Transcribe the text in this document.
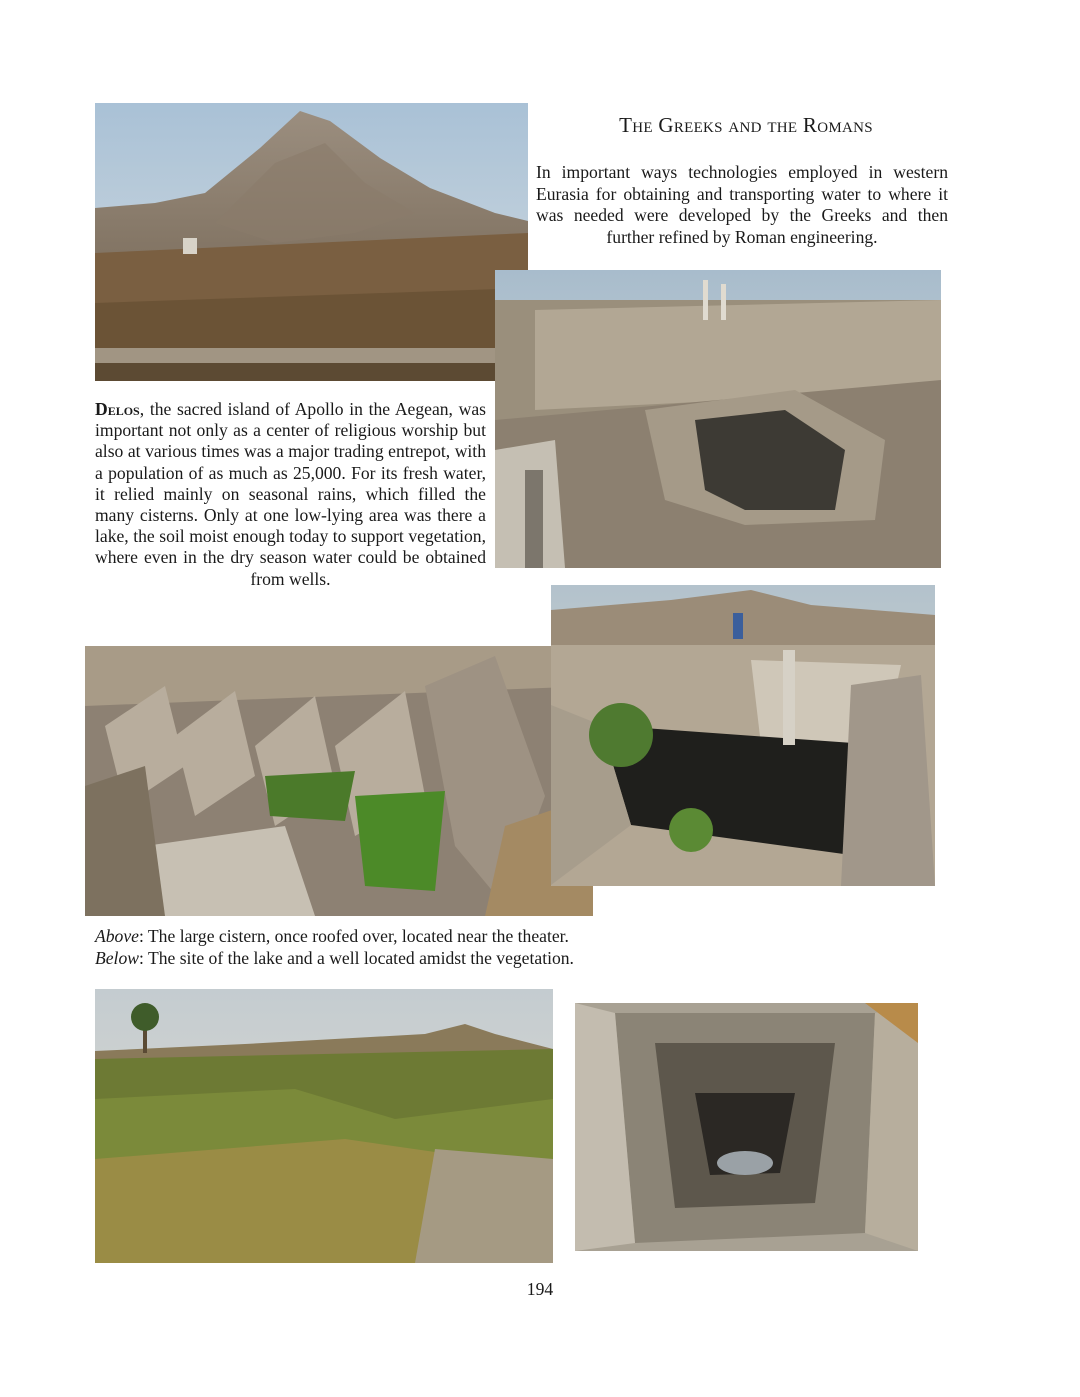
The Greeks and the Romans
In important ways technologies employed in western Eurasia for obtaining and transporting water to where it was needed were developed by the Greeks and then further refined by Roman engineering.
Delos, the sacred island of Apollo in the Aegean, was important not only as a center of religious worship but also at various times was a major trading entrepot, with a population of as much as 25,000. For its fresh water, it relied mainly on seasonal rains, which filled the many cisterns. Only at one low-lying area was there a lake, the soil moist enough today to support vegetation, where even in the dry season water could be obtained from wells.
Above: The large cistern, once roofed over, located near the theater.
Below: The site of the lake and a well located amidst the vegetation.
194
